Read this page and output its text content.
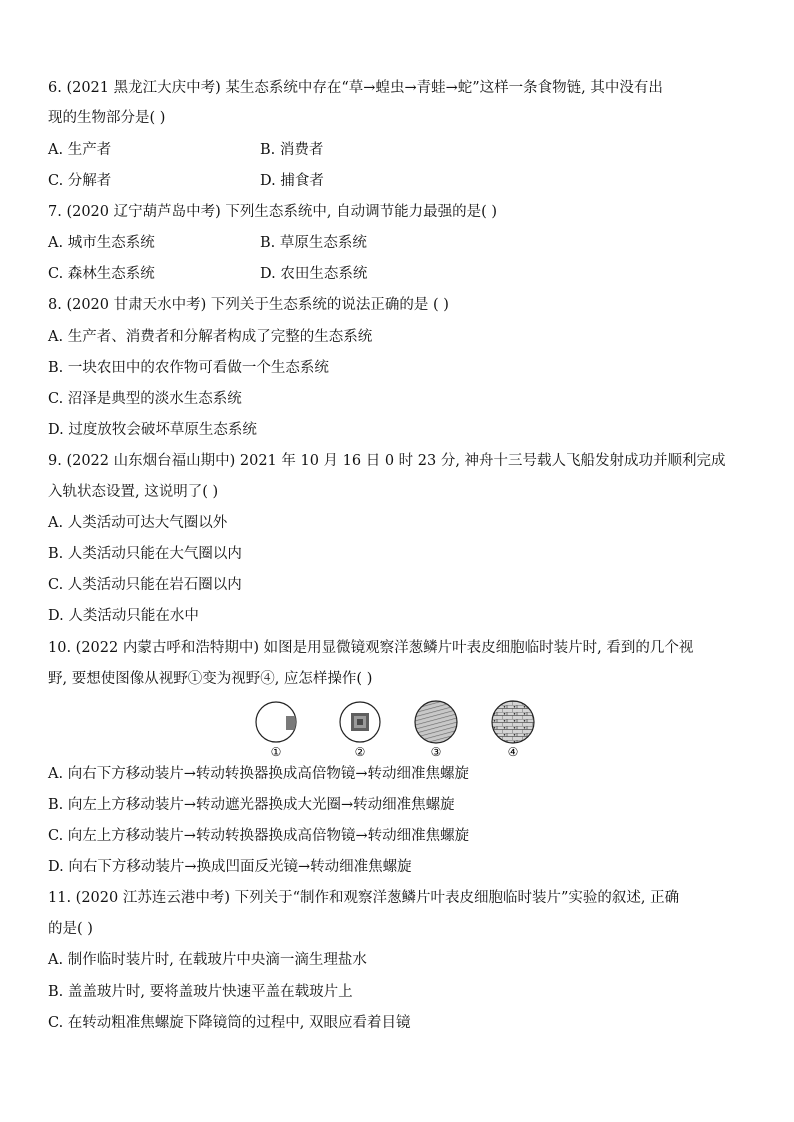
6. (2021 黑龙江大庆中考) 某生态系统中存在“草→蝗虫→青蛙→蛇”这样一条食物链, 其中没有出
现的生物部分是( )
A. 生产者	B. 消费者
C. 分解者	D. 捕食者
7. (2020 辽宁葫芦岛中考) 下列生态系统中, 自动调节能力最强的是( )
A. 城市生态系统	B. 草原生态系统
C. 森林生态系统	D. 农田生态系统
8. (2020 甘肃天水中考) 下列关于生态系统的说法正确的是 ( )
A. 生产者、消费者和分解者构成了完整的生态系统
B. 一块农田中的农作物可看做一个生态系统
C. 沼泽是典型的淡水生态系统
D. 过度放牧会破坏草原生态系统
9. (2022 山东烟台福山期中) 2021 年 10 月 16 日 0 时 23 分, 神舟十三号载人飞船发射成功并顺利完成
入轨状态设置, 这说明了( )
A. 人类活动可达大气圈以外
B. 人类活动只能在大气圈以内
C. 人类活动只能在岩石圈以内
D. 人类活动只能在水中
10. (2022 内蒙古呼和浩特期中) 如图是用显微镜观察洋葱鳞片叶表皮细胞临时装片时, 看到的几个视
野, 要想使图像从视野①变为视野④, 应怎样操作( )
①	②	③	④
A. 向右下方移动装片→转动转换器换成高倍物镜→转动细准焦螺旋
B. 向左上方移动装片→转动遮光器换成大光圈→转动细准焦螺旋
C. 向左上方移动装片→转动转换器换成高倍物镜→转动细准焦螺旋
D. 向右下方移动装片→换成凹面反光镜→转动细准焦螺旋
11. (2020 江苏连云港中考) 下列关于“制作和观察洋葱鳞片叶表皮细胞临时装片”实验的叙述, 正确
的是( )
A. 制作临时装片时, 在载玻片中央滴一滴生理盐水
B. 盖盖玻片时, 要将盖玻片快速平盖在载玻片上
C. 在转动粗准焦螺旋下降镜筒的过程中, 双眼应看着目镜
